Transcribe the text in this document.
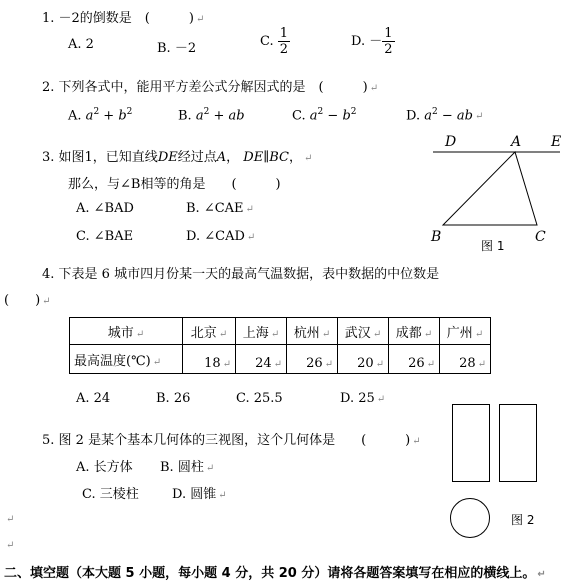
1. －2的倒数是　(　　　) ↵
A. 2	B. －2	C. $\frac{1}{2}$	D. － $\frac{1}{2}$
2. 下列各式中，能用平方差公式分解因式的是　(　　　) ↵
A. $a^2 + b^2$	B. $a^2$ + ab	C. $a^2 - b^2$	D. $a^2$ − ab ↵
3. 如图1，已知直线DE经过点A， DE∥BC， ↵
那么，与∠B相等的角是　　(　　　)
A. ∠BAD	B. ∠CAE ↵
C. ∠BAE	D. ∠CAD ↵
D	A E
B	C
图 1
4. 下表是 6 城市四月份某一天的最高气温数据，表中数据的中位数是
(　　) ↵
城市 ↵	北京 ↵	上海 ↵	杭州 ↵	武汉 ↵	成都 ↵	广州 ↵
最高温度(℃) ↵	18 ↵	24 ↵	26 ↵	20 ↵	26 ↵	28 ↵
A. 24	B. 26	C. 25.5	D. 25 ↵
5. 图 2 是某个基本几何体的三视图，这个几何体是　　(　　　) ↵
A. 长方体 B. 圆柱 ↵
C. 三棱柱	D. 圆锥 ↵
图 2
↵
↵
二、填空题（本大题 5 小题，每小题 4 分，共 20 分）请将各题答案填写在相应的横线上。 ↵
